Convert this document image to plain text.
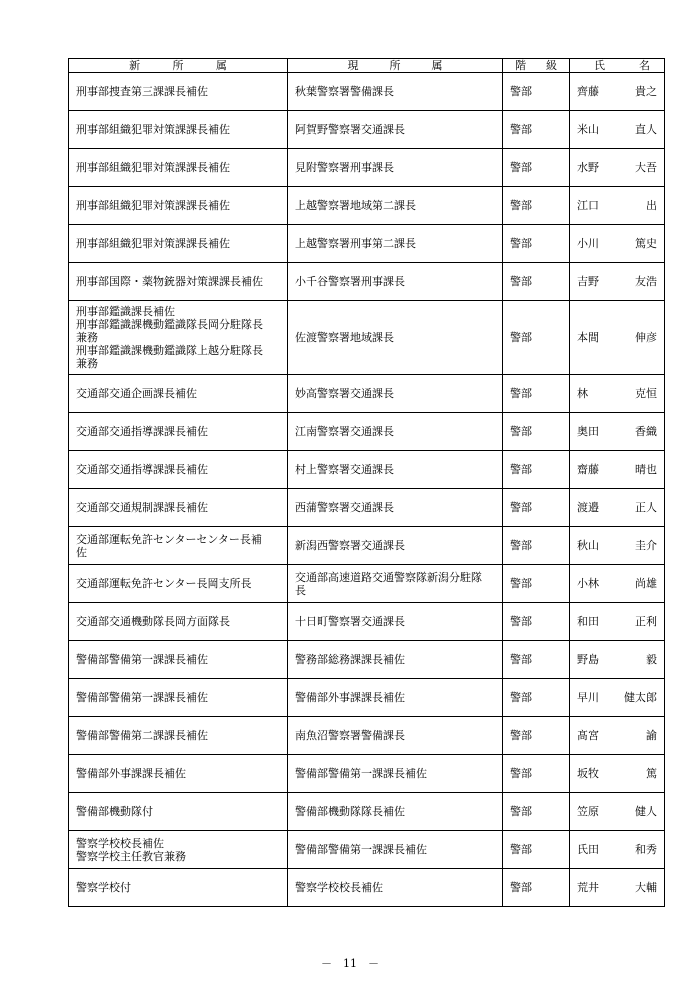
新 所 属	現 所 属	階 級	氏 名

刑事部捜査第三課課長補佐	秋葉警察署警備課長	警部	齊藤 貴之

刑事部組織犯罪対策課課長補佐	阿賀野警察署交通課長	警部	米山 直人

刑事部組織犯罪対策課課長補佐	見附警察署刑事課長	警部	水野 大吾

刑事部組織犯罪対策課課長補佐	上越警察署地域第二課長	警部	江口 出

刑事部組織犯罪対策課課長補佐	上越警察署刑事第二課長	警部	小川 篤史

刑事部国際・薬物銃器対策課課長補佐	小千谷警察署刑事課長	警部	吉野 友浩

刑事部鑑識課長補佐
刑事部鑑識課機動鑑識隊長岡分駐隊長
兼務
刑事部鑑識課機動鑑識隊上越分駐隊長
兼務	佐渡警察署地域課長	警部	本間 伸彦

交通部交通企画課長補佐	妙高警察署交通課長	警部	林 克恒

交通部交通指導課課長補佐	江南警察署交通課長	警部	奥田 香織

交通部交通指導課課長補佐	村上警察署交通課長	警部	齋藤 晴也

交通部交通規制課課長補佐	西蒲警察署交通課長	警部	渡邉 正人

交通部運転免許センターセンター長補
佐	新潟西警察署交通課長	警部	秋山 圭介

交通部運転免許センター長岡支所長	交通部高速道路交通警察隊新潟分駐隊
長	警部	小林 尚雄

交通部交通機動隊長岡方面隊長	十日町警察署交通課長	警部	和田 正利

警備部警備第一課課長補佐	警務部総務課課長補佐	警部	野島 毅

警備部警備第一課課長補佐	警備部外事課課長補佐	警部	早川 健太郎

警備部警備第二課課長補佐	南魚沼警察署警備課長	警部	髙宮 諭

警備部外事課課長補佐	警備部警備第一課課長補佐	警部	坂牧 篤

警備部機動隊付	警備部機動隊隊長補佐	警部	笠原 健人

警察学校校長補佐
警察学校主任教官兼務	警備部警備第一課課長補佐	警部	氏田 和秀

警察学校付	警察学校校長補佐	警部	荒井 大輔
－　11　－
